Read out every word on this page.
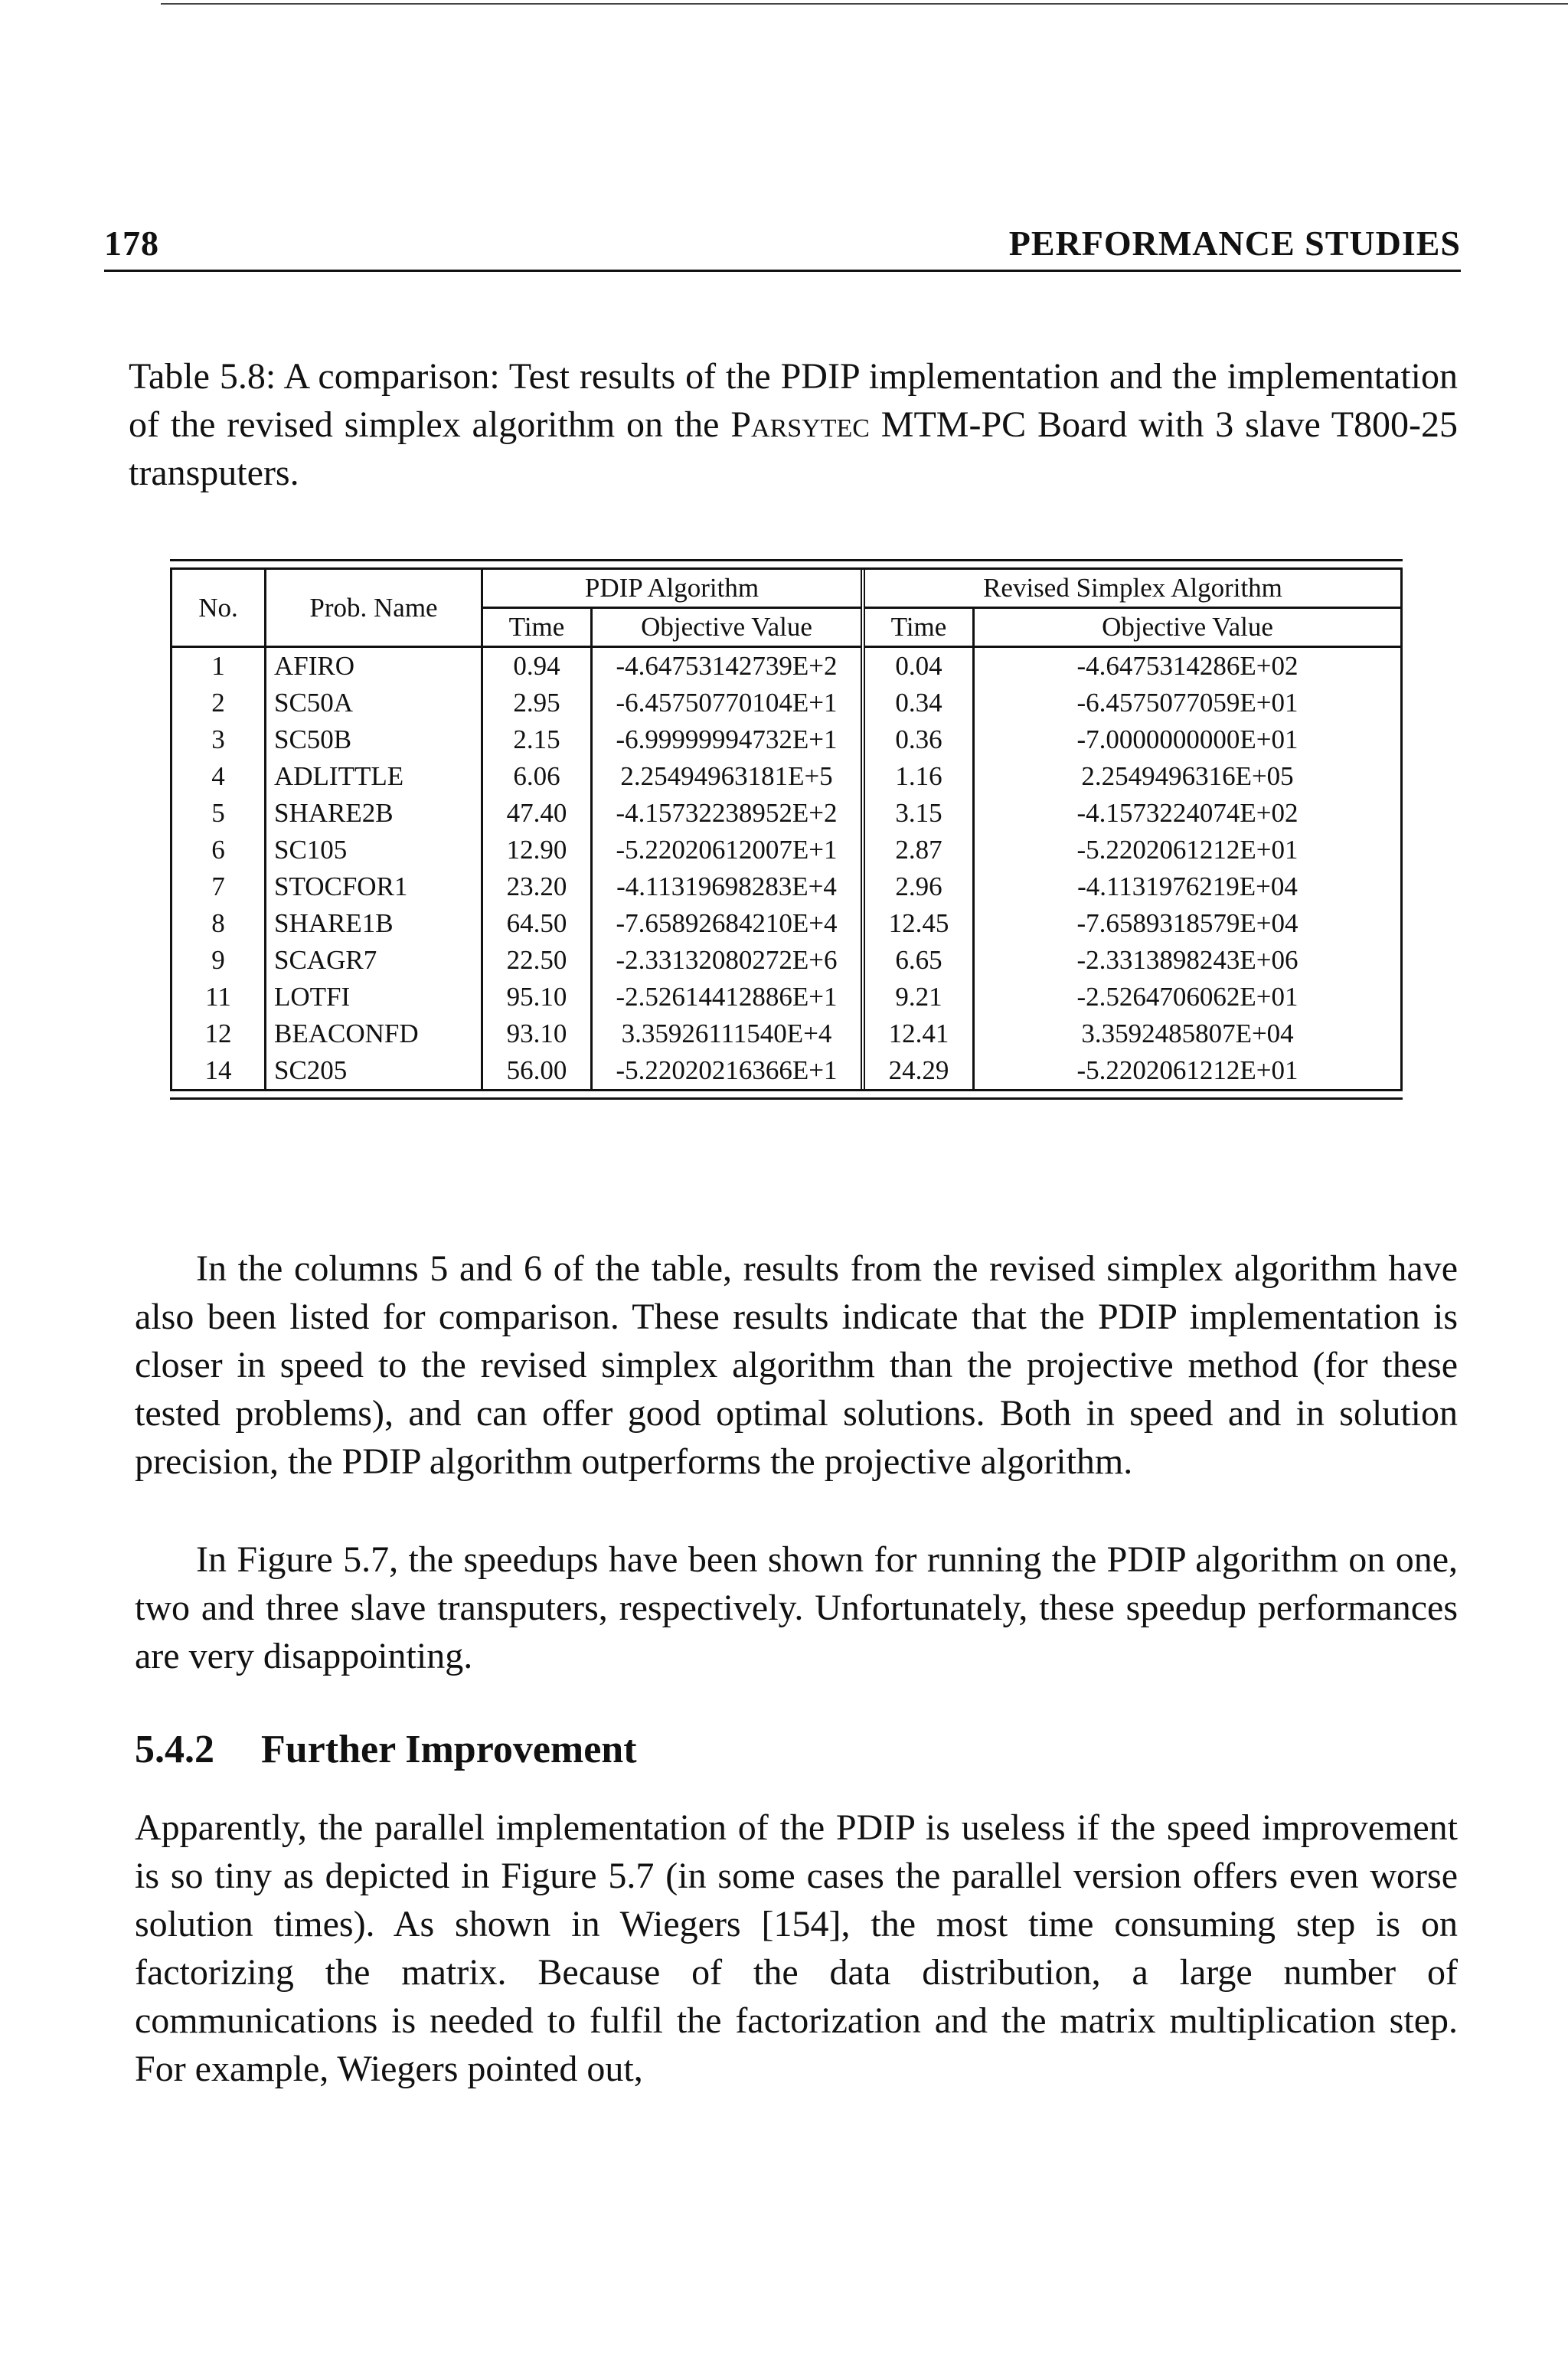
178	PERFORMANCE STUDIES
Table 5.8: A comparison: Test results of the PDIP implementation and the implementation of the revised simplex algorithm on the Parsytec MTM-PC Board with 3 slave T800-25 transputers.
No.	Prob. Name	PDIP Algorithm		Revised Simplex Algorithm	
		Time	Objective Value	Time	Objective Value
1	AFIRO	0.94	-4.64753142739E+2	0.04	-4.6475314286E+02
2	SC50A	2.95	-6.45750770104E+1	0.34	-6.4575077059E+01
3	SC50B	2.15	-6.99999994732E+1	0.36	-7.0000000000E+01
4	ADLITTLE	6.06	2.25494963181E+5	1.16	2.2549496316E+05
5	SHARE2B	47.40	-4.15732238952E+2	3.15	-4.1573224074E+02
6	SC105	12.90	-5.22020612007E+1	2.87	-5.2202061212E+01
7	STOCFOR1	23.20	-4.11319698283E+4	2.96	-4.1131976219E+04
8	SHARE1B	64.50	-7.65892684210E+4	12.45	-7.6589318579E+04
9	SCAGR7	22.50	-2.33132080272E+6	6.65	-2.3313898243E+06
11	LOTFI	95.10	-2.52614412886E+1	9.21	-2.5264706062E+01
12	BEACONFD	93.10	3.35926111540E+4	12.41	3.3592485807E+04
14	SC205	56.00	-5.22020216366E+1	24.29	-5.2202061212E+01
In the columns 5 and 6 of the table, results from the revised simplex algorithm have also been listed for comparison. These results indicate that the PDIP implementation is closer in speed to the revised simplex algorithm than the projective method (for these tested problems), and can offer good optimal solutions. Both in speed and in solution precision, the PDIP algorithm outperforms the projective algorithm.
In Figure 5.7, the speedups have been shown for running the PDIP algorithm on one, two and three slave transputers, respectively. Unfortunately, these speedup performances are very disappointing.
5.4.2 Further Improvement
Apparently, the parallel implementation of the PDIP is useless if the speed improvement is so tiny as depicted in Figure 5.7 (in some cases the parallel version offers even worse solution times). As shown in Wiegers [154], the most time consuming step is on factorizing the matrix. Because of the data distribution, a large number of communications is needed to fulfil the factorization and the matrix multiplication step. For example, Wiegers pointed out,
